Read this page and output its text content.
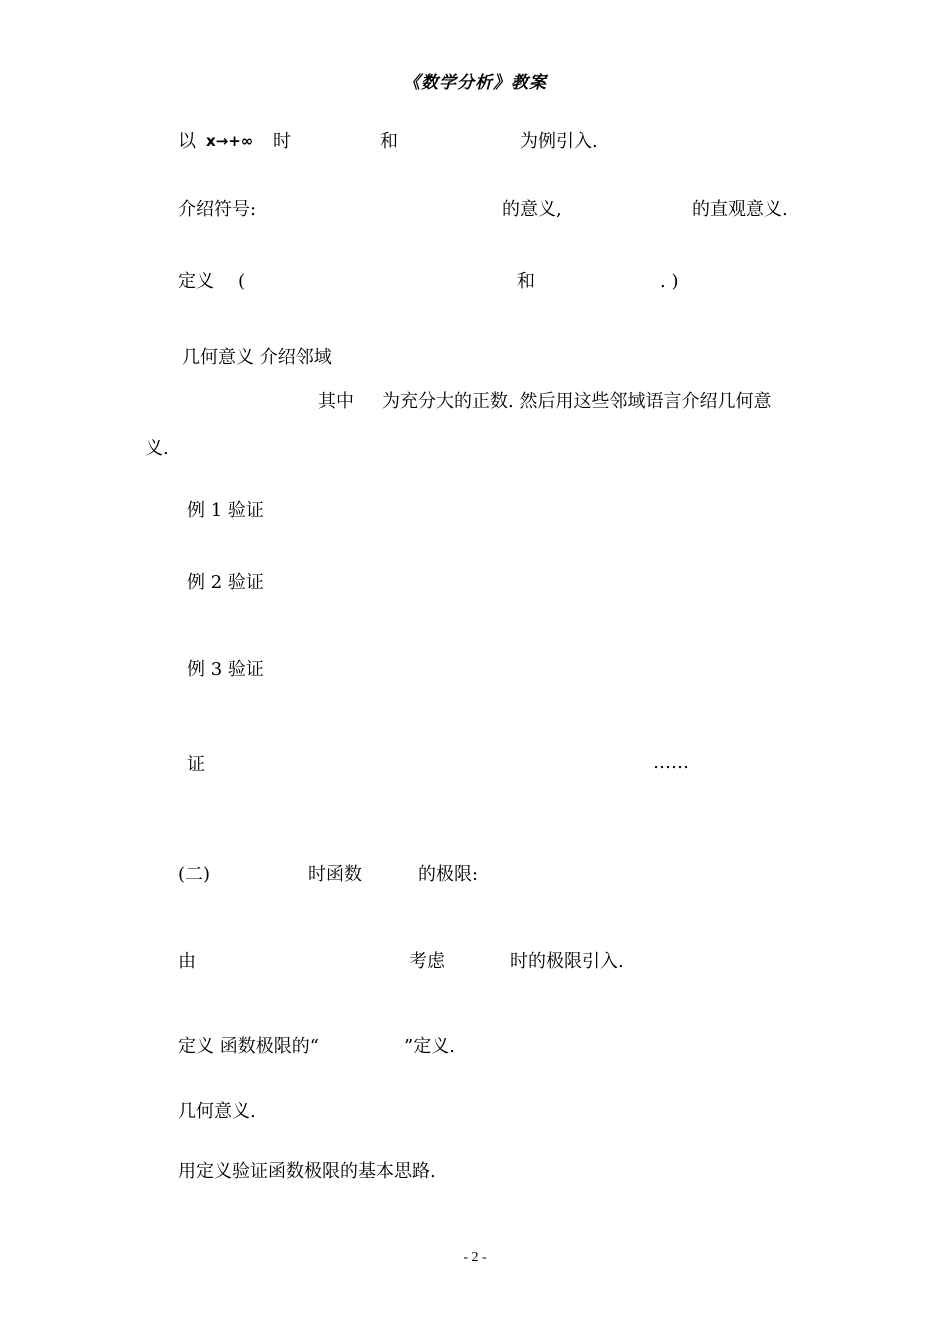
《数学分析》教案
以 x→+∞ 时	和	为例引入.
介绍符号:	的意义,	的直观意义.
定义 (	和	. )
几何意义 介绍邻域
其中 为充分大的正数. 然后用这些邻域语言介绍几何意
义.
例 1 验证
例 2 验证
例 3 验证
证	……
(二)	时函数	的极限:
由	考虑	时的极限引入.
定义 函数极限的“	”定义.
几何意义.
用定义验证函数极限的基本思路.
- 2 -
